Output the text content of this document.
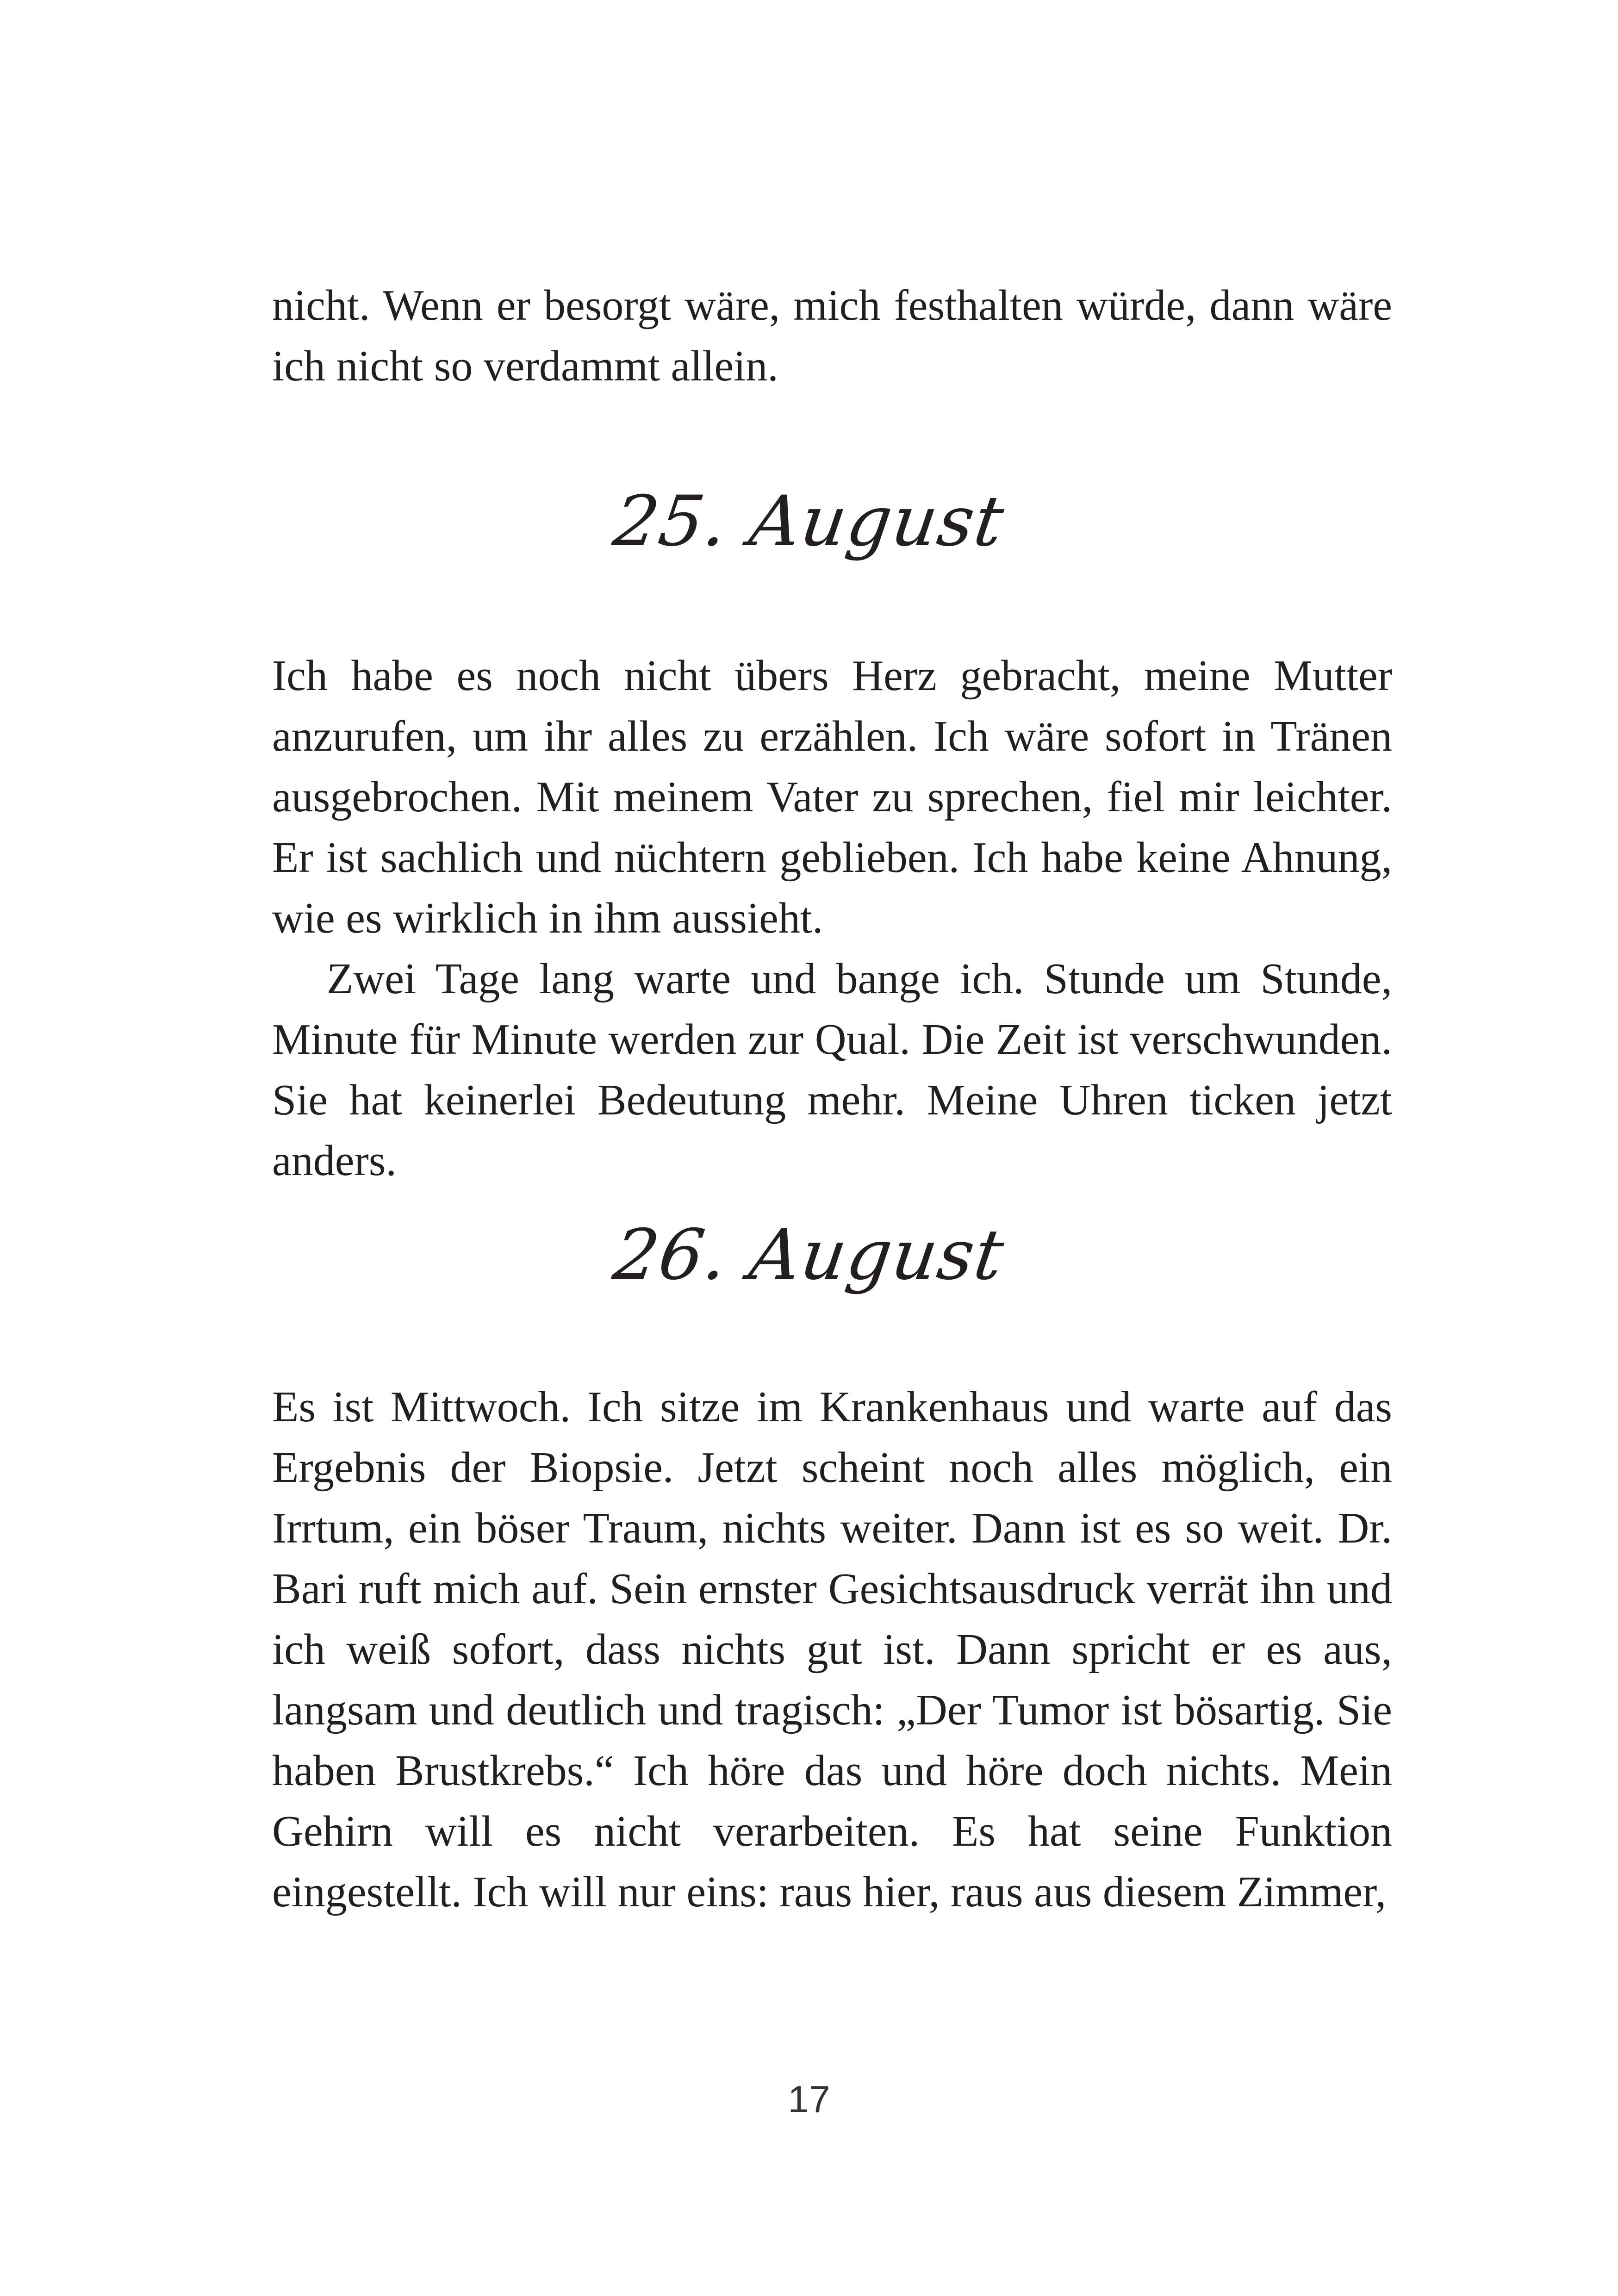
nicht. Wenn er besorgt wäre, mich festhalten würde, dann wäre ich nicht so verdammt allein.

25. August

Ich habe es noch nicht übers Herz gebracht, meine Mutter anzurufen, um ihr alles zu erzählen. Ich wäre sofort in Tränen ausgebrochen. Mit meinem Vater zu sprechen, fiel mir leichter. Er ist sachlich und nüchtern geblieben. Ich habe keine Ahnung, wie es wirklich in ihm aussieht.

Zwei Tage lang warte und bange ich. Stunde um Stunde, Minute für Minute werden zur Qual. Die Zeit ist verschwunden. Sie hat keinerlei Bedeutung mehr. Meine Uhren ticken jetzt anders.

26. August

Es ist Mittwoch. Ich sitze im Krankenhaus und warte auf das Ergebnis der Biopsie. Jetzt scheint noch alles möglich, ein Irrtum, ein böser Traum, nichts weiter. Dann ist es so weit. Dr. Bari ruft mich auf. Sein ernster Gesichtsausdruck verrät ihn und ich weiß sofort, dass nichts gut ist. Dann spricht er es aus, langsam und deutlich und tragisch: „Der Tumor ist bösartig. Sie haben Brustkrebs.“ Ich höre das und höre doch nichts. Mein Gehirn will es nicht verarbeiten. Es hat seine Funktion eingestellt. Ich will nur eins: raus hier, raus aus diesem Zimmer,

17
